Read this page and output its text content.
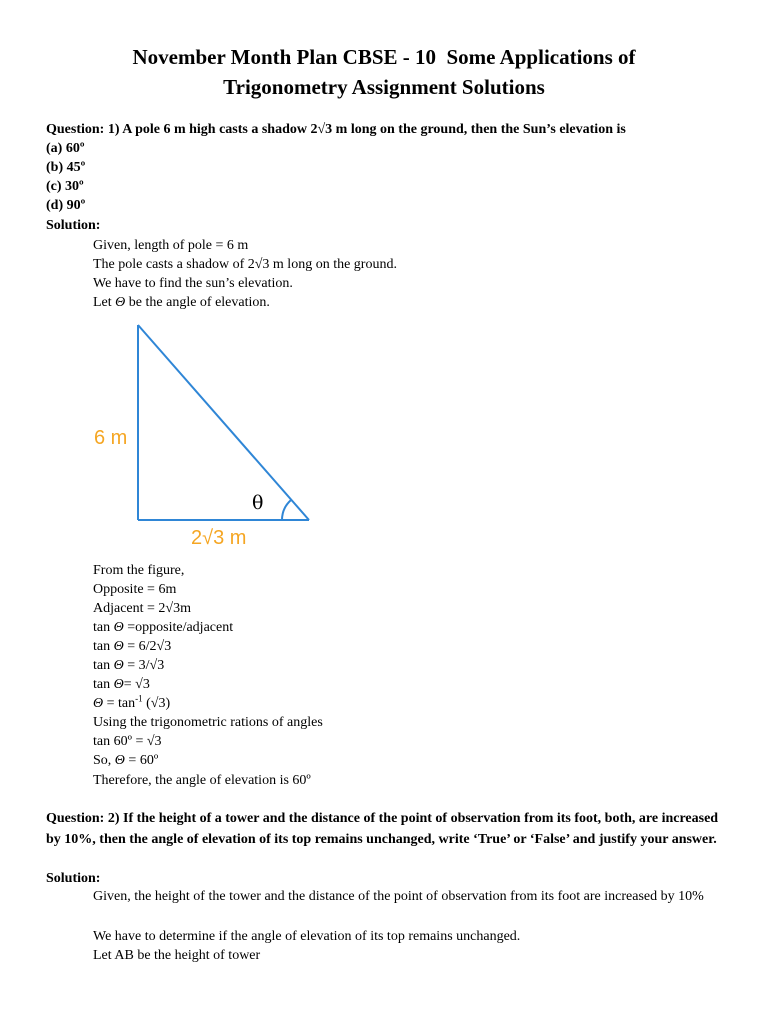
November Month Plan CBSE - 10  Some Applications of
Trigonometry Assignment Solutions
Question: 1) A pole 6 m high casts a shadow 2√3 m long on the ground, then the Sun’s elevation is
(a) 60º
(b) 45º
(c) 30º
(d) 90º
Solution:
Given, length of pole = 6 m
The pole casts a shadow of 2√3 m long on the ground.
We have to find the sun’s elevation.
Let Θ be the angle of elevation.
6 m
2√3 m
θ
From the figure,
Opposite = 6m
Adjacent = 2√3m
tan Θ =opposite/adjacent
tan Θ = 6/2√3
tan Θ = 3/√3
tan Θ= √3
$\Theta = \tan^{-1} (√3)$
Using the trigonometric rations of angles
tan 60º = √3
So, Θ = 60º
Therefore, the angle of elevation is 60º
Question: 2) If the height of a tower and the distance of the point of observation from its foot, both, are increased by 10%, then the angle of elevation of its top remains unchanged, write ‘True’ or ‘False’ and justify your answer.
Solution:
Given, the height of the tower and the distance of the point of observation from its foot are increased by 10%
We have to determine if the angle of elevation of its top remains unchanged.
Let AB be the height of tower
